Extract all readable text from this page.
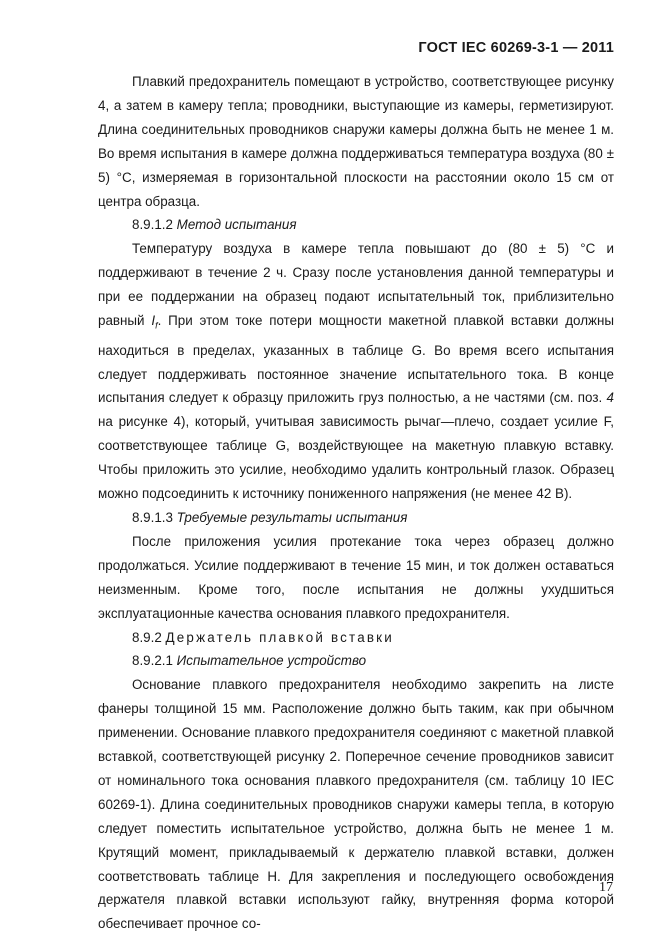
ГОСТ IEC 60269-3-1 — 2011

Плавкий предохранитель помещают в устройство, соответствующее рисунку 4, а затем в камеру тепла; проводники, выступающие из камеры, герметизируют. Длина соединительных проводников снаружи камеры должна быть не менее 1 м. Во время испытания в камере должна поддерживаться температура воздуха (80 ± 5) °С, измеряемая в горизонтальной плоскости на расстоянии около 15 см от центра образца.

8.9.1.2 Метод испытания

Температуру воздуха в камере тепла повышают до (80 ± 5) °С и поддерживают в течение 2 ч. Сразу после установления данной температуры и при ее поддержании на образец подают испытательный ток, приблизительно равный $I_f$. При этом токе потери мощности макетной плавкой вставки должны находиться в пределах, указанных в таблице G. Во время всего испытания следует поддерживать постоянное значение испытательного тока. В конце испытания следует к образцу приложить груз полностью, а не частями (см. поз. 4 на рисунке 4), который, учитывая зависимость рычаг—плечо, создает усилие F, соответствующее таблице G, воздействующее на макетную плавкую вставку. Чтобы приложить это усилие, необходимо удалить контрольный глазок. Образец можно подсоединить к источнику пониженного напряжения (не менее 42 В).

8.9.1.3 Требуемые результаты испытания

После приложения усилия протекание тока через образец должно продолжаться. Усилие поддерживают в течение 15 мин, и ток должен оставаться неизменным. Кроме того, после испытания не должны ухудшиться эксплуатационные качества основания плавкого предохранителя.

8.9.2 Держатель плавкой вставки

8.9.2.1 Испытательное устройство

Основание плавкого предохранителя необходимо закрепить на листе фанеры толщиной 15 мм. Расположение должно быть таким, как при обычном применении. Основание плавкого предохранителя соединяют с макетной плавкой вставкой, соответствующей рисунку 2. Поперечное сечение проводников зависит от номинального тока основания плавкого предохранителя (см. таблицу 10 IEC 60269-1). Длина соединительных проводников снаружи камеры тепла, в которую следует поместить испытательное устройство, должна быть не менее 1 м. Крутящий момент, прикладываемый к держателю плавкой вставки, должен соответствовать таблице Н. Для закрепления и последующего освобождения держателя плавкой вставки используют гайку, внутренняя форма которой обеспечивает прочное со-

17
